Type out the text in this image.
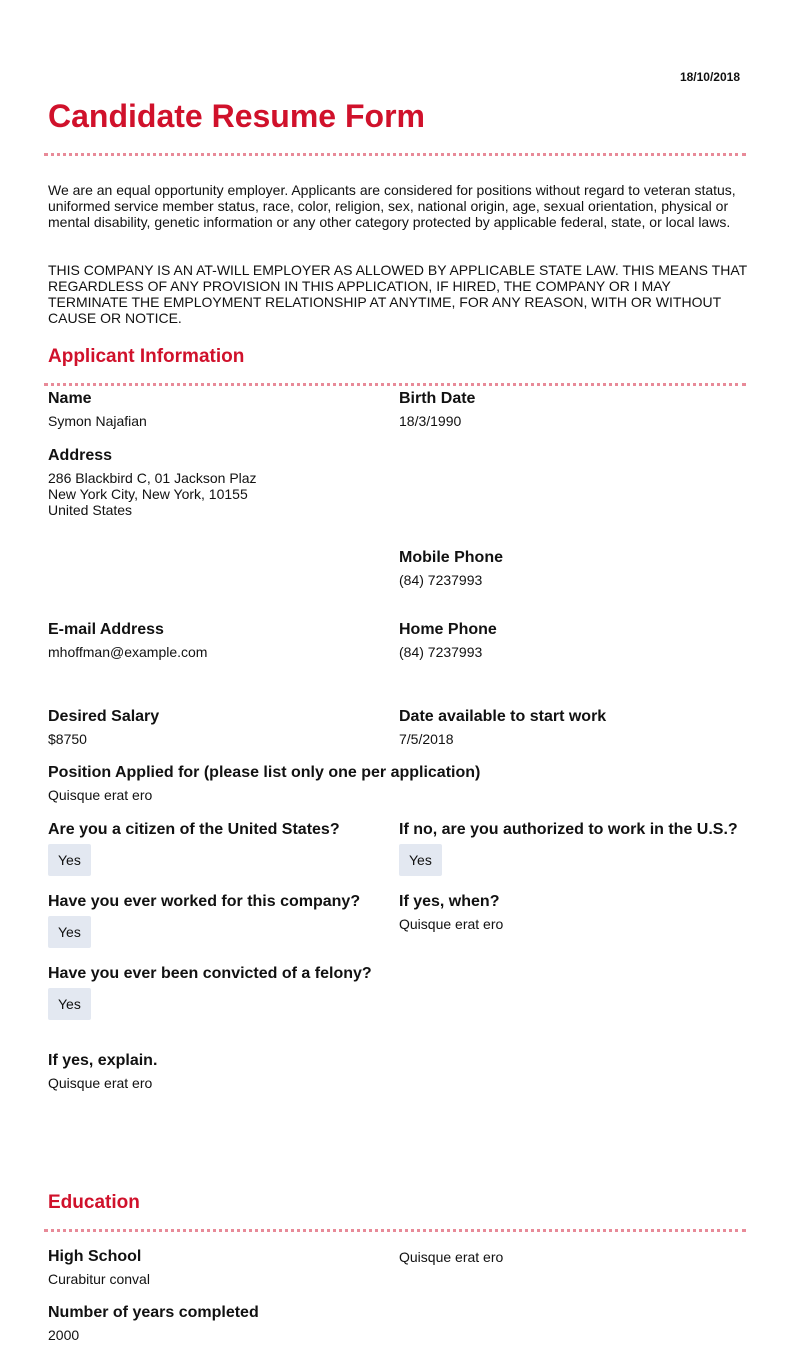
18/10/2018
Candidate Resume Form

We are an equal opportunity employer. Applicants are considered for positions without regard to veteran status, uniformed service member status, race, color, religion, sex, national origin, age, sexual orientation, physical or mental disability, genetic information or any other category protected by applicable federal, state, or local laws.

THIS COMPANY IS AN AT-WILL EMPLOYER AS ALLOWED BY APPLICABLE STATE LAW. THIS MEANS THAT REGARDLESS OF ANY PROVISION IN THIS APPLICATION, IF HIRED, THE COMPANY OR I MAY TERMINATE THE EMPLOYMENT RELATIONSHIP AT ANYTIME, FOR ANY REASON, WITH OR WITHOUT CAUSE OR NOTICE.

Applicant Information
Name
Symon Najafian
Birth Date
18/3/1990
Address
286 Blackbird C, 01 Jackson Plaz
New York City, New York, 10155
United States
Mobile Phone
(84) 7237993
E-mail Address
mhoffman@example.com
Home Phone
(84) 7237993
Desired Salary
$8750
Date available to start work
7/5/2018
Position Applied for (please list only one per application)
Quisque erat ero
Are you a citizen of the United States?
Yes
If no, are you authorized to work in the U.S.?
Yes
Have you ever worked for this company?
Yes
If yes, when?
Quisque erat ero
Have you ever been convicted of a felony?
Yes
If yes, explain.
Quisque erat ero
Education
High School
Curabitur conval
Quisque erat ero
Number of years completed
2000
